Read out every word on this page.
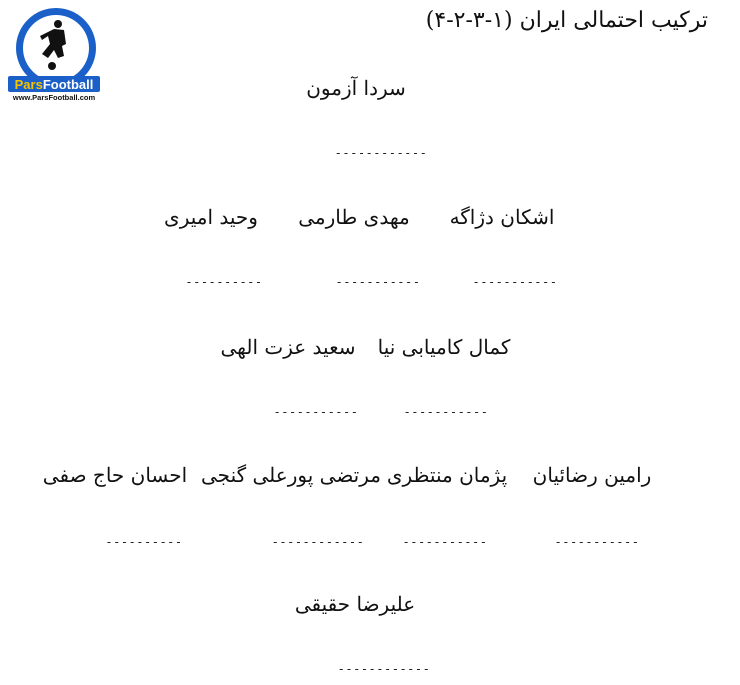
ParsFootball
www.ParsFootball.com
ترکیب احتمالی ایران (۱-۳-۲-۴)
سردا آزمون
------------
اشکان دژاگه
مهدی طارمی
وحید امیری
-----------
-----------
----------
کمال کامیابی نیا
سعید عزت الهی
-----------
-----------
رامین رضائیان
پژمان منتظری
مرتضی پورعلی گنجی
احسان حاج صفی
-----------
-----------
------------
----------
علیرضا حقیقی
------------
